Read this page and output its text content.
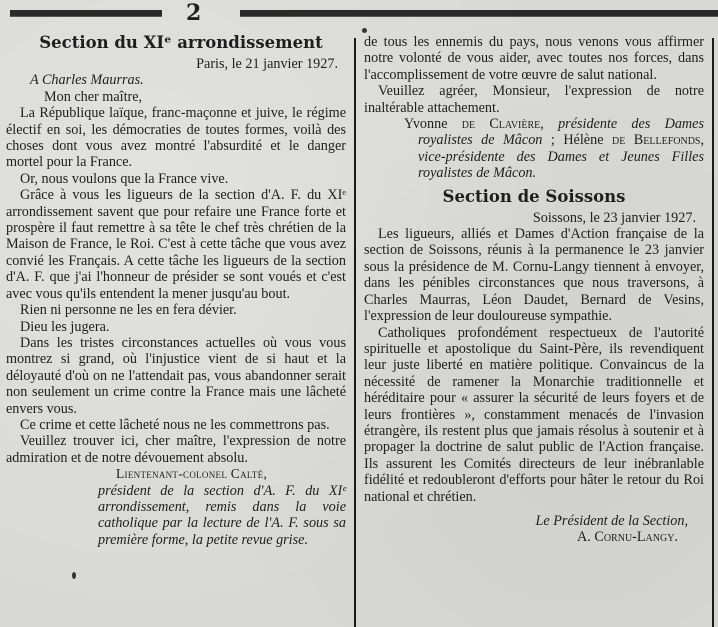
2
Section du XIᵉ arrondissement
Paris, le 21 janvier 1927.
A Charles Maurras.
Mon cher maître,

La République laïque, franc-maçonne et juive, le régime électif en soi, les démocraties de toutes formes, voilà des choses dont vous avez montré l'absurdité et le danger mortel pour la France.

Or, nous voulons que la France vive.

Grâce à vous les ligueurs de la section d'A. F. du XIᵉ arrondissement savent que pour refaire une France forte et prospère il faut remettre à sa tête le chef très chrétien de la Maison de France, le Roi. C'est à cette tâche que vous avez convié les Français. A cette tâche les ligueurs de la section d'A. F. que j'ai l'honneur de présider se sont voués et c'est avec vous qu'ils entendent la mener jusqu'au bout.

Rien ni personne ne les en fera dévier.

Dieu les jugera.

Dans les tristes circonstances actuelles où vous vous montrez si grand, où l'injustice vient de si haut et la déloyauté d'où on ne l'attendait pas, vous abandonner serait non seulement un crime contre la France mais une lâcheté envers vous.

Ce crime et cette lâcheté nous ne les commettrons pas.

Veuillez trouver ici, cher maître, l'expression de notre admiration et de notre dévouement absolu.

Lientenant-colonel Calté,
président de la section d'A. F. du XIᵉ arrondissement, remis dans la voie catholique par la lecture de l'A. F. sous sa première forme, la petite revue grise.

de tous les ennemis du pays, nous venons vous affirmer notre volonté de vous aider, avec toutes nos forces, dans l'accomplissement de votre œuvre de salut national.

Veuillez agréer, Monsieur, l'expression de notre inaltérable attachement.

Yvonne de Clavière, présidente des Dames royalistes de Mâcon ; Hélène de Bellefonds, vice-présidente des Dames et Jeunes Filles royalistes de Mâcon.
Section de Soissons
Soissons, le 23 janvier 1927.

Les ligueurs, alliés et Dames d'Action française de la section de Soissons, réunis à la permanence le 23 janvier sous la présidence de M. Cornu-Langy tiennent à envoyer, dans les pénibles circonstances que nous traversons, à Charles Maurras, Léon Daudet, Bernard de Vesins, l'expression de leur douloureuse sympathie.

Catholiques profondément respectueux de l'autorité spirituelle et apostolique du Saint-Père, ils revendiquent leur juste liberté en matière politique. Convaincus de la nécessité de ramener la Monarchie traditionnelle et héréditaire pour « assurer la sécurité de leurs foyers et de leurs frontières », constamment menacés de l'invasion étrangère, ils restent plus que jamais résolus à soutenir et à propager la doctrine de salut public de l'Action française. Ils assurent les Comités directeurs de leur inébranlable fidélité et redoubleront d'efforts pour hâter le retour du Roi national et chrétien.

Le Président de la Section,
A. Cornu-Langy.
